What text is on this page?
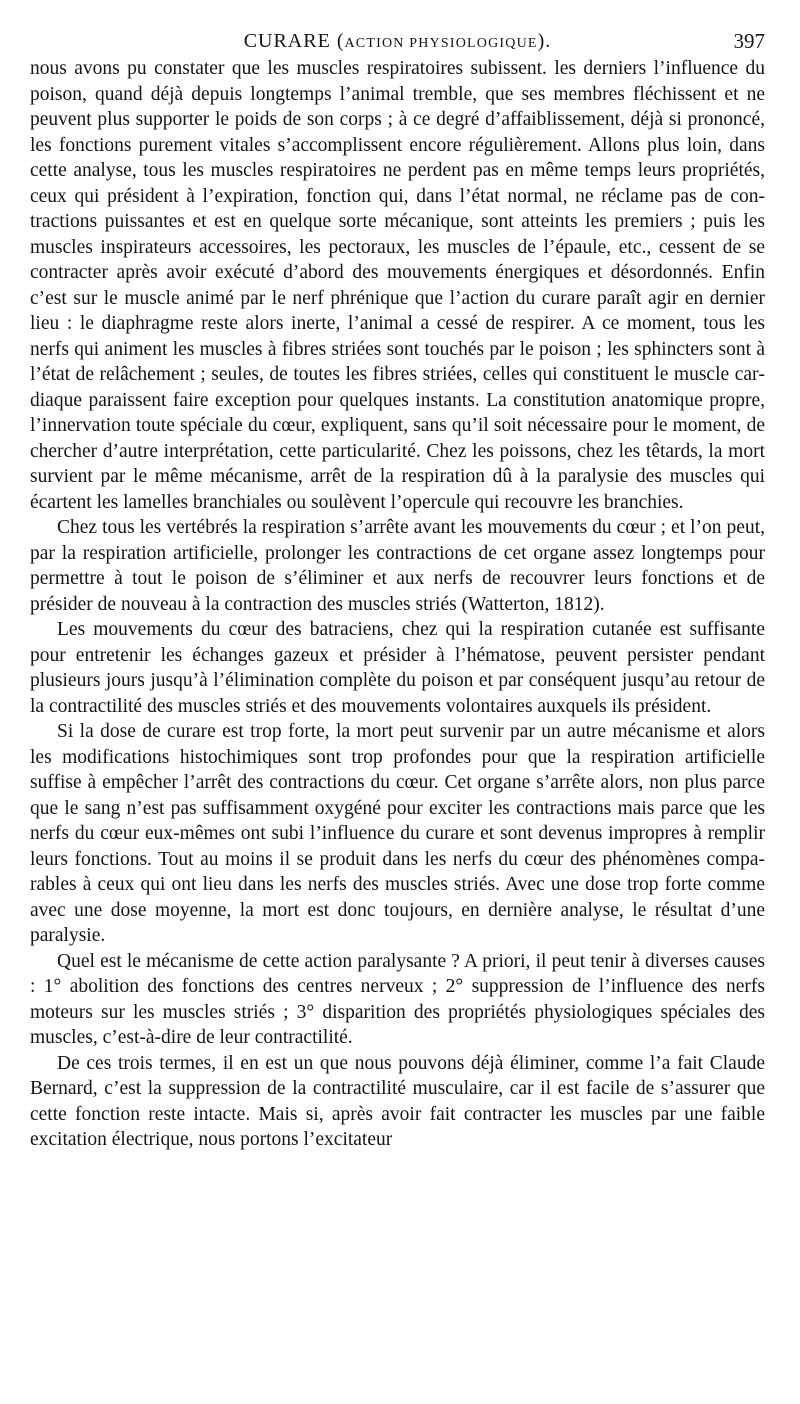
CURARE (ACTION PHYSIOLOGIQUE).	397

nous avons pu constater que les muscles respiratoires subissent. les derniers l’influence du poison, quand déjà depuis longtemps l’animal tremble, que ses membres fléchissent et ne peuvent plus supporter le poids de son corps ; à ce degré d’affaiblissement, déjà si prononcé, les fonctions purement vitales s’accomplissent encore régulièrement. Allons plus loin, dans cette analyse, tous les muscles respiratoires ne perdent pas en même temps leurs propriétés, ceux qui président à l’expiration, fonction qui, dans l’état normal, ne réclame pas de contractions puissantes et est en quelque sorte mécanique, sont atteints les premiers ; puis les muscles inspirateurs accessoires, les pectoraux, les muscles de l’épaule, etc., cessent de se contracter après avoir exécuté d’abord des mouvements énergiques et désordonnés. Enfin c’est sur le muscle animé par le nerf phrénique que l’action du curare paraît agir en dernier lieu : le diaphragme reste alors inerte, l’animal a cessé de respirer. A ce moment, tous les nerfs qui animent les muscles à fibres striées sont touchés par le poison ; les sphincters sont à l’état de relâchement ; seules, de toutes les fibres striées, celles qui constituent le muscle cardiaque paraissent faire exception pour quelques instants. La constitution anatomique propre, l’innervation toute spéciale du cœur, expliquent, sans qu’il soit nécessaire pour le moment, de chercher d’autre interprétation, cette particularité. Chez les poissons, chez les têtards, la mort survient par le même mécanisme, arrêt de la respiration dû à la paralysie des muscles qui écartent les lamelles branchiales ou soulèvent l’opercule qui recouvre les branchies.

Chez tous les vertébrés la respiration s’arrête avant les mouvements du cœur ; et l’on peut, par la respiration artificielle, prolonger les contractions de cet organe assez longtemps pour permettre à tout le poison de s’éliminer et aux nerfs de recouvrer leurs fonctions et de présider de nouveau à la contraction des muscles striés (Watterton, 1812).

Les mouvements du cœur des batraciens, chez qui la respiration cutanée est suffisante pour entretenir les échanges gazeux et présider à l’hématose, peuvent persister pendant plusieurs jours jusqu’à l’élimination complète du poison et par conséquent jusqu’au retour de la contractilité des muscles striés et des mouvements volontaires auxquels ils président.

Si la dose de curare est trop forte, la mort peut survenir par un autre mécanisme et alors les modifications histochimiques sont trop profondes pour que la respiration artificielle suffise à empêcher l’arrêt des contractions du cœur. Cet organe s’arrête alors, non plus parce que le sang n’est pas suffisamment oxygéné pour exciter les contractions mais parce que les nerfs du cœur eux-mêmes ont subi l’influence du curare et sont devenus impropres à remplir leurs fonctions. Tout au moins il se produit dans les nerfs du cœur des phénomènes comparables à ceux qui ont lieu dans les nerfs des muscles striés. Avec une dose trop forte comme avec une dose moyenne, la mort est donc toujours, en dernière analyse, le résultat d’une paralysie.

Quel est le mécanisme de cette action paralysante ? A priori, il peut tenir à diverses causes : 1° abolition des fonctions des centres nerveux ; 2° suppression de l’influence des nerfs moteurs sur les muscles striés ; 3° disparition des propriétés physiologiques spéciales des muscles, c’est-à-dire de leur contractilité.

De ces trois termes, il en est un que nous pouvons déjà éliminer, comme l’a fait Claude Bernard, c’est la suppression de la contractilité musculaire, car il est facile de s’assurer que cette fonction reste intacte. Mais si, après avoir fait contracter les muscles par une faible excitation électrique, nous portons l’excitateur
